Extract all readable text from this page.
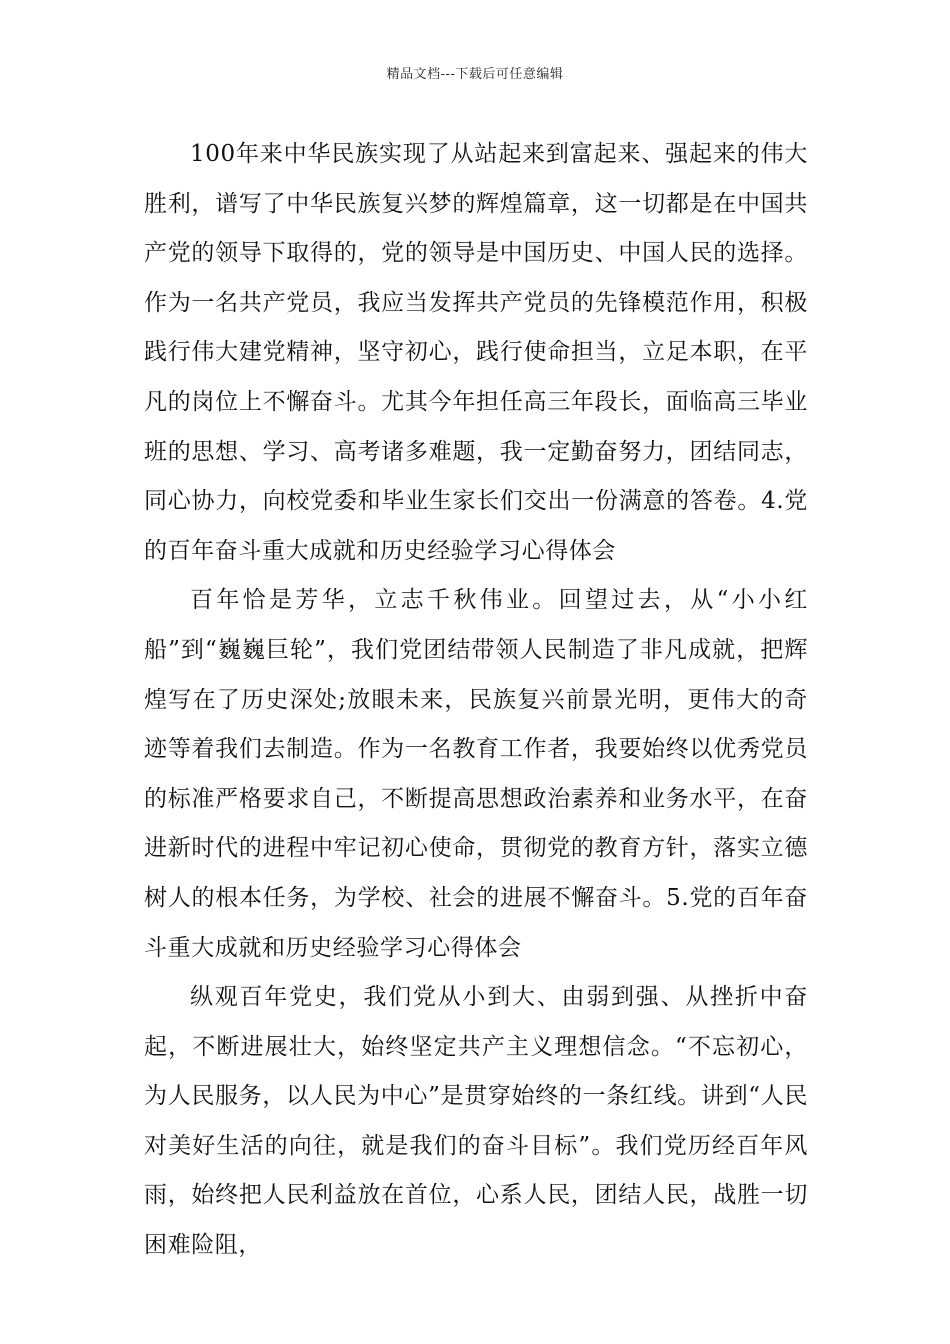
精品文档---下载后可任意编辑

100年来中华民族实现了从站起来到富起来、强起来的伟大胜利，谱写了中华民族复兴梦的辉煌篇章，这一切都是在中国共产党的领导下取得的，党的领导是中国历史、中国人民的选择。作为一名共产党员，我应当发挥共产党员的先锋模范作用，积极践行伟大建党精神，坚守初心，践行使命担当，立足本职，在平凡的岗位上不懈奋斗。尤其今年担任高三年段长，面临高三毕业班的思想、学习、高考诸多难题，我一定勤奋努力，团结同志，同心协力，向校党委和毕业生家长们交出一份满意的答卷。4.党的百年奋斗重大成就和历史经验学习心得体会

百年恰是芳华，立志千秋伟业。回望过去，从“小小红船”到“巍巍巨轮”，我们党团结带领人民制造了非凡成就，把辉煌写在了历史深处;放眼未来，民族复兴前景光明，更伟大的奇迹等着我们去制造。作为一名教育工作者，我要始终以优秀党员的标准严格要求自己，不断提高思想政治素养和业务水平，在奋进新时代的进程中牢记初心使命，贯彻党的教育方针，落实立德树人的根本任务，为学校、社会的进展不懈奋斗。5.党的百年奋斗重大成就和历史经验学习心得体会

纵观百年党史，我们党从小到大、由弱到强、从挫折中奋起，不断进展壮大，始终坚定共产主义理想信念。“不忘初心，为人民服务，以人民为中心”是贯穿始终的一条红线。讲到“人民对美好生活的向往，就是我们的奋斗目标”。我们党历经百年风雨，始终把人民利益放在首位，心系人民，团结人民，战胜一切困难险阻，
